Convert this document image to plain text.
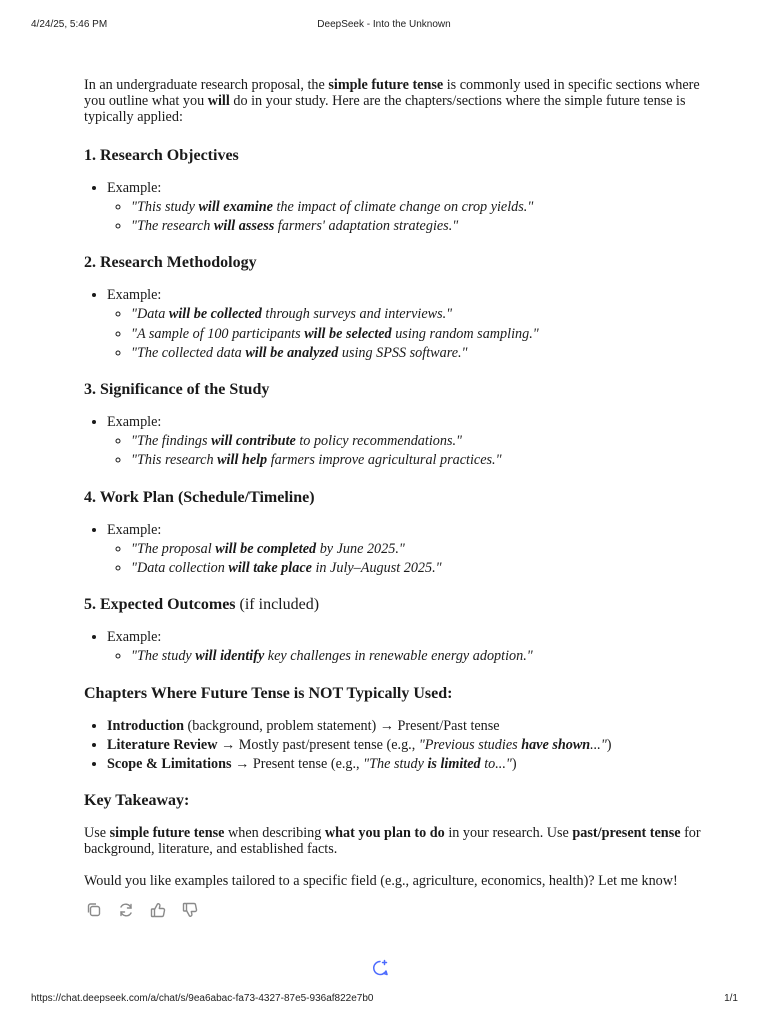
4/24/25, 5:46 PM	DeepSeek - Into the Unknown

In an undergraduate research proposal, the simple future tense is commonly used in specific sections where you outline what you will do in your study. Here are the chapters/sections where the simple future tense is typically applied:

1. Research Objectives
• Example:
◦ "This study will examine the impact of climate change on crop yields."
◦ "The research will assess farmers' adaptation strategies."
2. Research Methodology
• Example:
◦ "Data will be collected through surveys and interviews."
◦ "A sample of 100 participants will be selected using random sampling."
◦ "The collected data will be analyzed using SPSS software."
3. Significance of the Study
• Example:
◦ "The findings will contribute to policy recommendations."
◦ "This research will help farmers improve agricultural practices."
4. Work Plan (Schedule/Timeline)
• Example:
◦ "The proposal will be completed by June 2025."
◦ "Data collection will take place in July–August 2025."
5. Expected Outcomes (if included)
• Example:
◦ "The study will identify key challenges in renewable energy adoption."
Chapters Where Future Tense is NOT Typically Used:
• Introduction (background, problem statement) → Present/Past tense
• Literature Review → Mostly past/present tense (e.g., "Previous studies have shown...")
• Scope & Limitations → Present tense (e.g., "The study is limited to...")
Key Takeaway:

Use simple future tense when describing what you plan to do in your research. Use past/present tense for background, literature, and established facts.

Would you like examples tailored to a specific field (e.g., agriculture, economics, health)? Let me know!

https://chat.deepseek.com/a/chat/s/9ea6abac-fa73-4327-87e5-936af822e7b0	1/1
